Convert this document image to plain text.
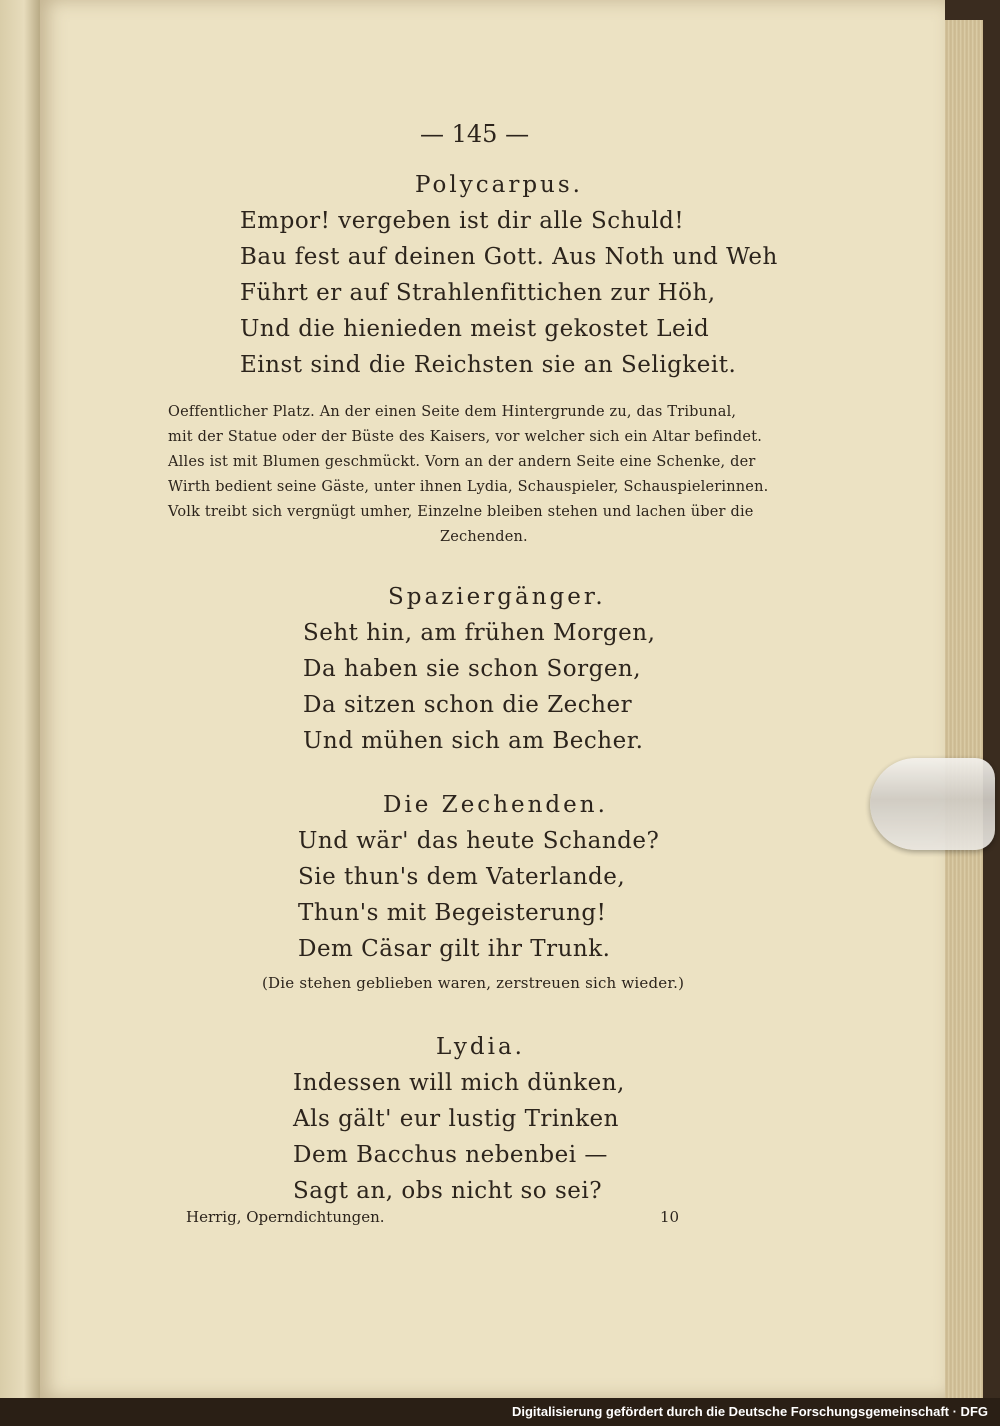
Digitalisierung gefördert durch die Deutsche Forschungsgemeinschaft · DFG
— 145 —
Polycarpus.
Empor! vergeben ist dir alle Schuld!
Bau fest auf deinen Gott. Aus Noth und Weh
Führt er auf Strahlenfittichen zur Höh,
Und die hienieden meist gekostet Leid
Einst sind die Reichsten sie an Seligkeit.
Oeffentlicher Platz. An der einen Seite dem Hintergrunde zu, das Tribunal,
mit der Statue oder der Büste des Kaisers, vor welcher sich ein Altar befindet.
Alles ist mit Blumen geschmückt. Vorn an der andern Seite eine Schenke, der
Wirth bedient seine Gäste, unter ihnen Lydia, Schauspieler, Schauspielerinnen.
Volk treibt sich vergnügt umher, Einzelne bleiben stehen und lachen über die
Zechenden.
Spaziergänger.
Seht hin, am frühen Morgen,
Da haben sie schon Sorgen,
Da sitzen schon die Zecher
Und mühen sich am Becher.
Die Zechenden.
Und wär' das heute Schande?
Sie thun's dem Vaterlande,
Thun's mit Begeisterung!
Dem Cäsar gilt ihr Trunk.
(Die stehen geblieben waren, zerstreuen sich wieder.)
Lydia.
Indessen will mich dünken,
Als gält' eur lustig Trinken
Dem Bacchus nebenbei —
Sagt an, obs nicht so sei?
Herrig, Operndichtungen.	10
